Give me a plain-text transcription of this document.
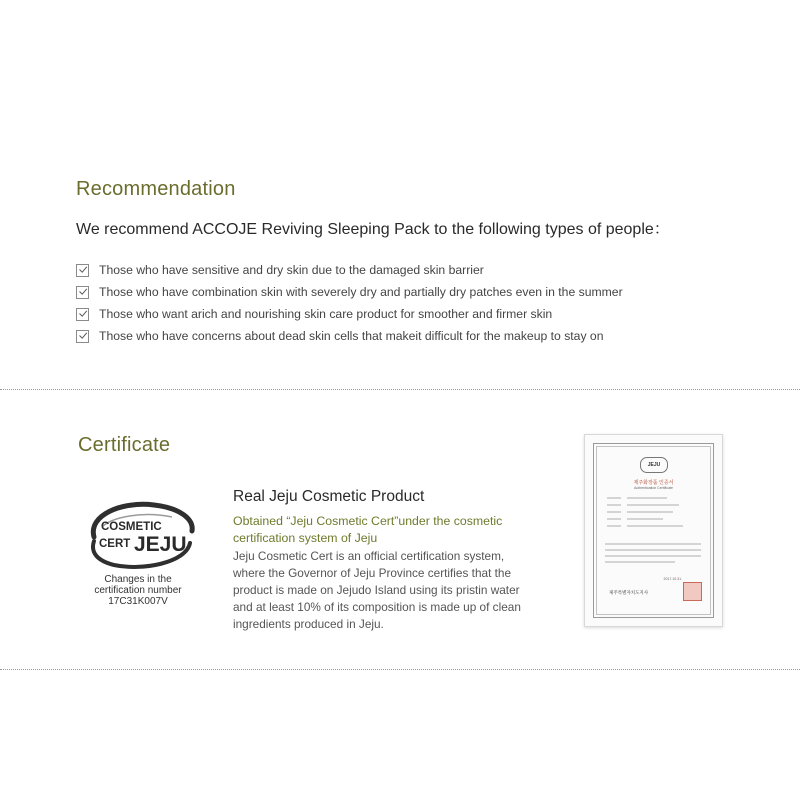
Recommendation
We recommend ACCOJE Reviving Sleeping Pack to the following types of people：
Those who have sensitive and dry skin due to the damaged skin barrier
Those who have combination skin with severely dry and partially dry patches even in the summer
Those who want arich and nourishing skin care product for smoother and firmer skin
Those who have concerns about dead skin cells that makeit difficult for the makeup to stay on
Certificate
COSMETIC
CERT JEJU
Changes in the
certification number
17C31K007V
Real Jeju Cosmetic Product
Obtained “Jeju Cosmetic Cert”under the cosmetic certification system of Jeju
Jeju Cosmetic Cert is an official certification system, where the Governor of Jeju Province certifies that the product is made on Jejudo Island using its pristin water and at least 10% of its composition is made up of clean ingredients produced in Jeju.
JEJU
제주화장품 인증서
Authentication Certificate
2017.10.31.
제주특별자치도지사
